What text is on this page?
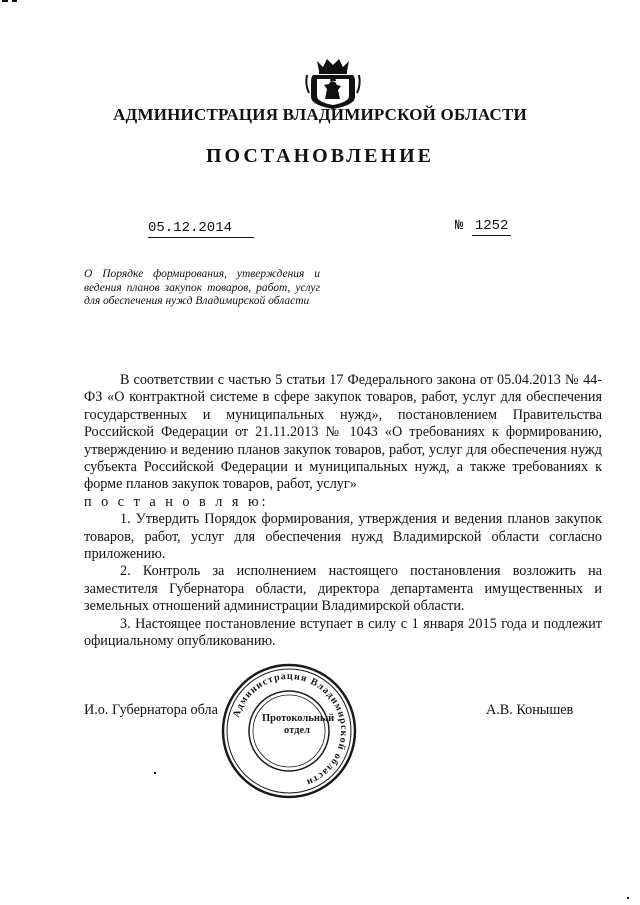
АДМИНИСТРАЦИЯ ВЛАДИМИРСКОЙ ОБЛАСТИ
ПОСТАНОВЛЕНИЕ
05.12.2014	№ 1252
О Порядке формирования, утверждения и ведения планов закупок товаров, работ, услуг для обеспечения нужд Владимирской области

В соответствии с частью 5 статьи 17 Федерального закона от 05.04.2013 № 44-ФЗ «О контрактной системе в сфере закупок товаров, работ, услуг для обеспечения государственных и муниципальных нужд», постановлением Правительства Российской Федерации от 21.11.2013 № 1043 «О требованиях к формированию, утверждению и ведению планов закупок товаров, работ, услуг для обеспечения нужд субъекта Российской Федерации и муниципальных нужд, а также требованиях к форме планов закупок товаров, работ, услуг»

п о с т а н о в л я ю:

1. Утвердить Порядок формирования, утверждения и ведения планов закупок товаров, работ, услуг для обеспечения нужд Владимирской области согласно приложению.

2. Контроль за исполнением настоящего постановления возложить на заместителя Губернатора области, директора департамента имущественных и земельных отношений администрации Владимирской области.

3. Настоящее постановление вступает в силу с 1 января 2015 года и подлежит официальному опубликованию.

И.о. Губернатора обла	А.В. Конышев
Администрация Владимирской области
Протокольный отдел
